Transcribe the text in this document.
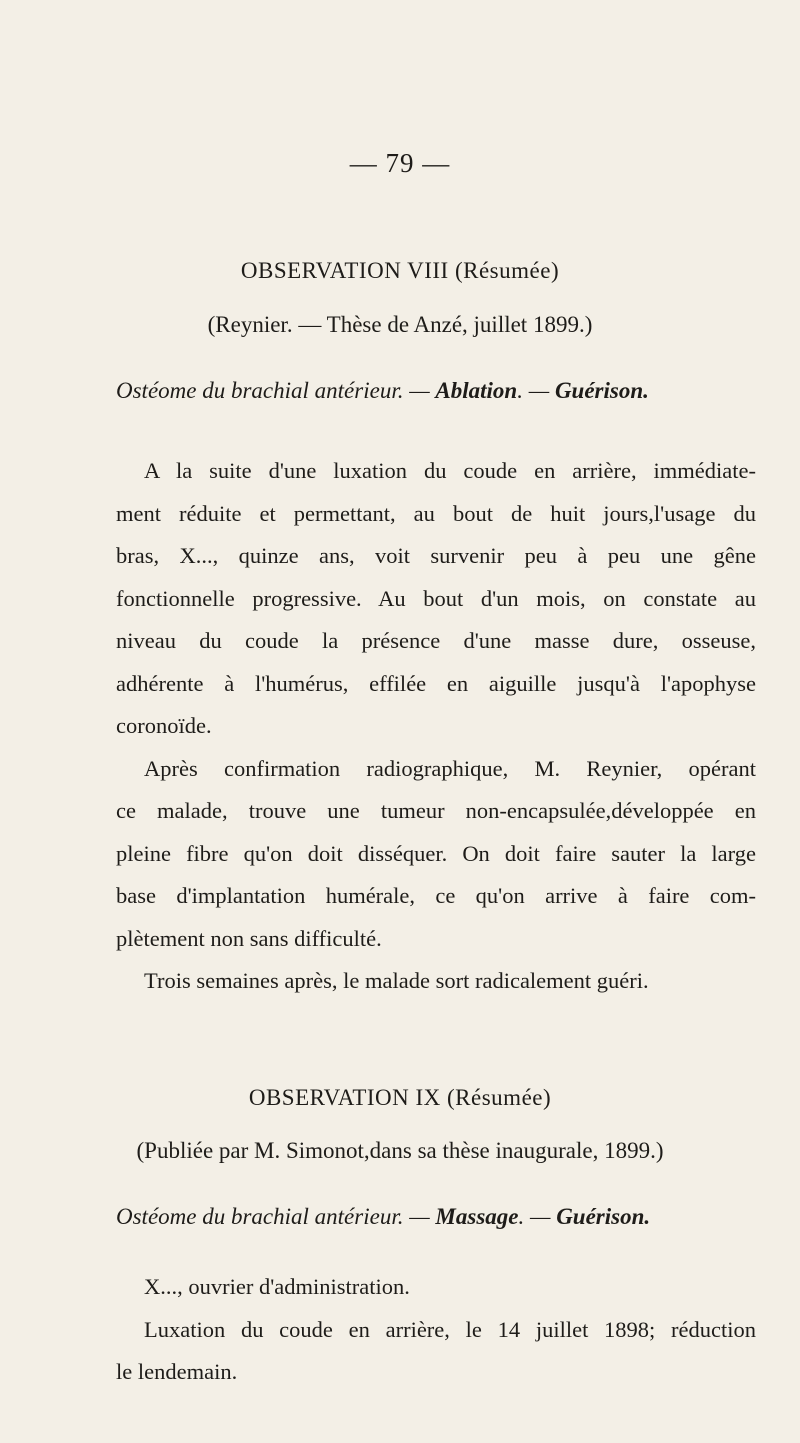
— 79 —
OBSERVATION VIII (Résumée)
(Reynier. — Thèse de Anzé, juillet 1899.)
Ostéome du brachial antérieur. — Ablation. — Guérison.
A la suite d'une luxation du coude en arrière, immédiate-
ment réduite et permettant, au bout de huit jours,l'usage du
bras, X..., quinze ans, voit survenir peu à peu une gêne
fonctionnelle progressive. Au bout d'un mois, on constate au
niveau du coude la présence d'une masse dure, osseuse,
adhérente à l'humérus, effilée en aiguille jusqu'à l'apophyse
coronoïde.
Après confirmation radiographique, M. Reynier, opérant
ce malade, trouve une tumeur non-encapsulée,développée en
pleine fibre qu'on doit disséquer. On doit faire sauter la large
base d'implantation humérale, ce qu'on arrive à faire com-
plètement non sans difficulté.
Trois semaines après, le malade sort radicalement guéri.
OBSERVATION IX (Résumée)
(Publiée par M. Simonot,dans sa thèse inaugurale, 1899.)
Ostéome du brachial antérieur. — Massage. — Guérison.
X..., ouvrier d'administration.
Luxation du coude en arrière, le 14 juillet 1898; réduction
le lendemain.
